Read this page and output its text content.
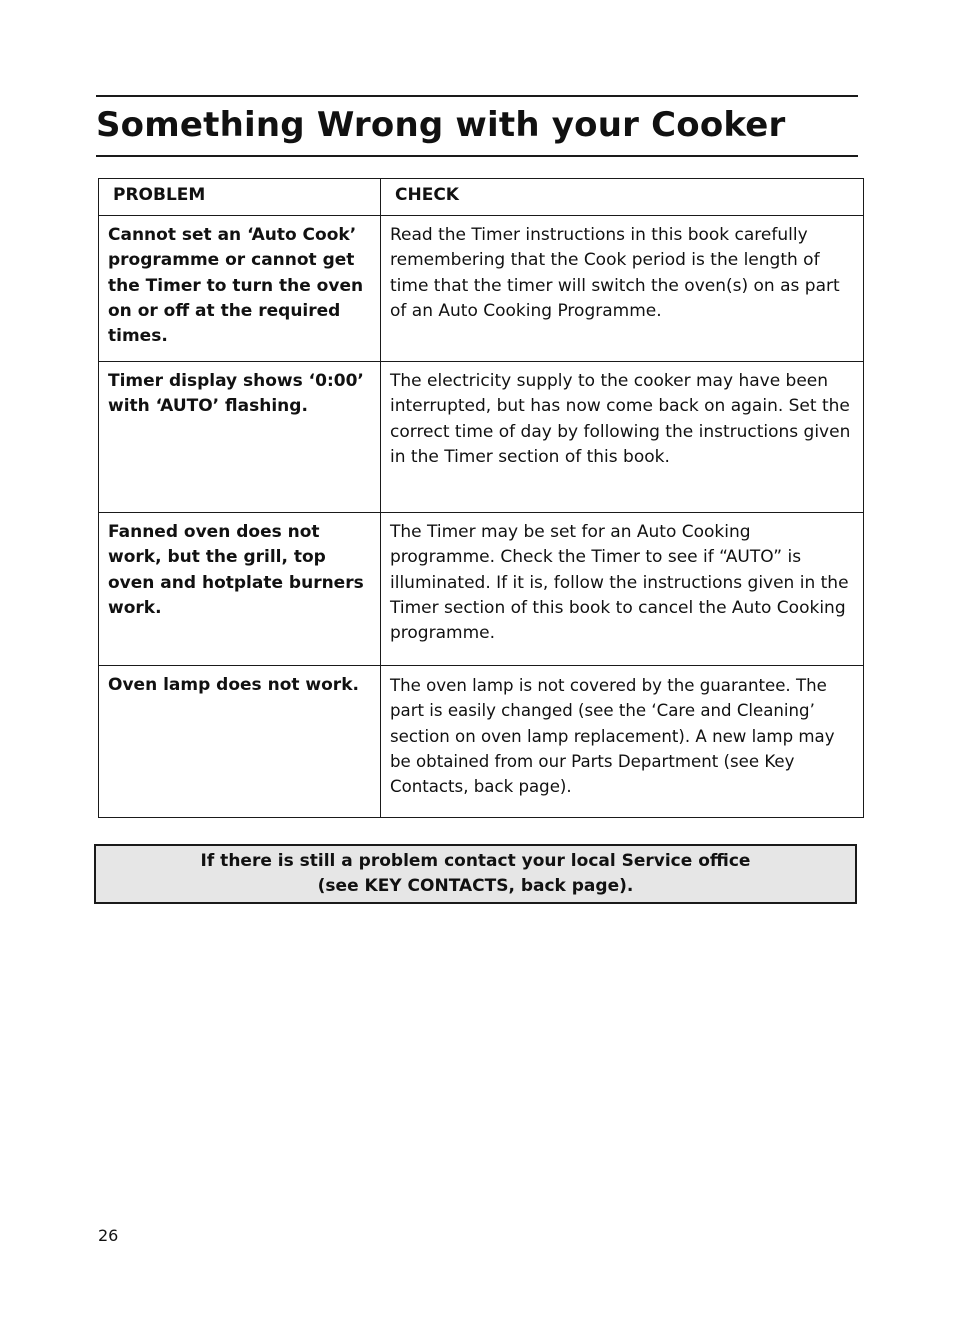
Something Wrong with your Cooker
PROBLEM	CHECK
Cannot set an ‘Auto Cook’ programme or cannot get the Timer to turn the oven on or off at the required times.	Read the Timer instructions in this book carefully remembering that the Cook period is the length of time that the timer will switch the oven(s) on as part of an Auto Cooking Programme.
Timer display shows ‘0:00’ with ‘AUTO’ flashing.	The electricity supply to the cooker may have been interrupted, but has now come back on again. Set the correct time of day by following the instructions given in the Timer section of this book.
Fanned oven does not work, but the grill, top oven and hotplate burners work.	The Timer may be set for an Auto Cooking programme. Check the Timer to see if “AUTO” is illuminated. If it is, follow the instructions given in the Timer section of this book to cancel the Auto Cooking programme.
Oven lamp does not work.	The oven lamp is not covered by the guarantee. The part is easily changed (see the ‘Care and Cleaning’ section on oven lamp replacement). A new lamp may be obtained from our Parts Department (see Key Contacts, back page).
If there is still a problem contact your local Service office
(see KEY CONTACTS, back page).
26
